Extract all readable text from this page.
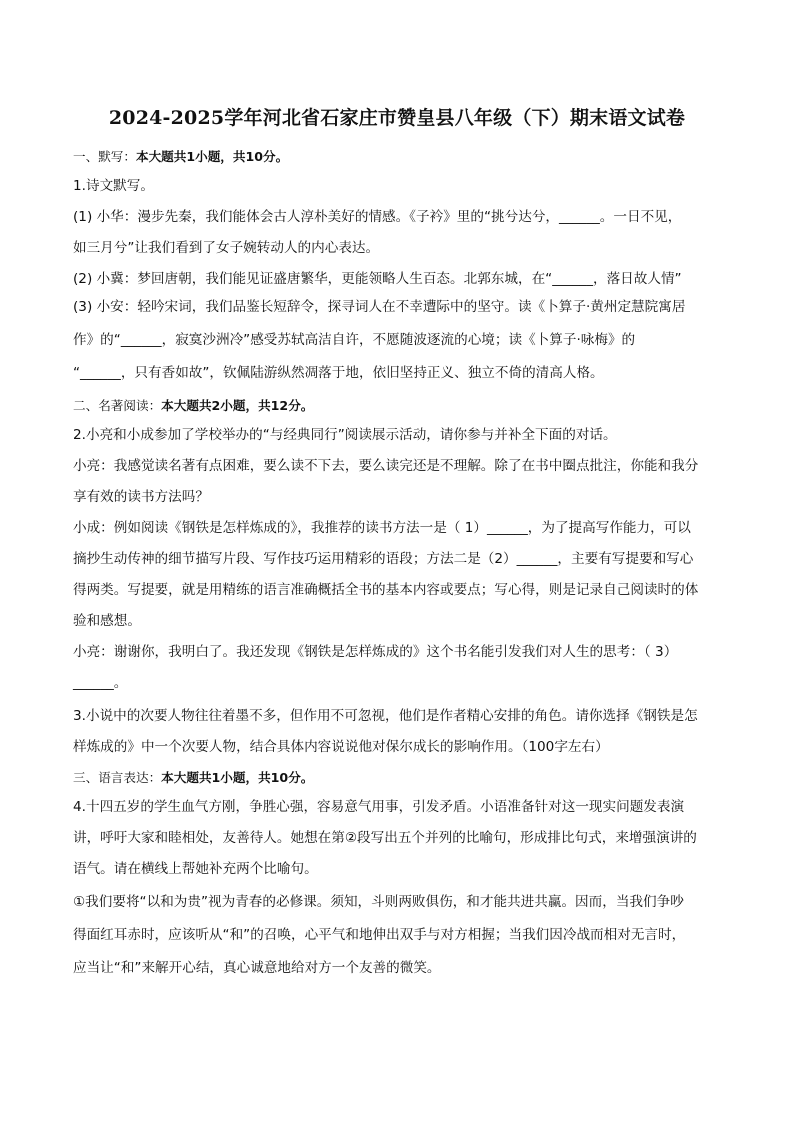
2024-2025学年河北省石家庄市赞皇县八年级（下）期末语文试卷
一、默写：本大题共1小题，共10分。
1.诗文默写。
(1) 小华：漫步先秦，我们能体会古人淳朴美好的情感。《子衿》里的“挑兮达兮，______。一日不见，
如三月兮”让我们看到了女子婉转动人的内心表达。
(2) 小冀：梦回唐朝，我们能见证盛唐繁华，更能领略人生百态。北郭东城，在“______，落日故人情”
(3) 小安：轻吟宋词，我们品鉴长短辞令，探寻词人在不幸遭际中的坚守。读《卜算子·黄州定慧院寓居
作》的“______，寂寞沙洲冷”感受苏轼高洁自许，不愿随波逐流的心境；读《卜算子·咏梅》的
“______，只有香如故”，钦佩陆游纵然凋落于地，依旧坚持正义、独立不倚的清高人格。
二、名著阅读：本大题共2小题，共12分。
2.小亮和小成参加了学校举办的“与经典同行”阅读展示活动，请你参与并补全下面的对话。
小亮：我感觉读名著有点困难，要么读不下去，要么读完还是不理解。除了在书中圈点批注，你能和我分
享有效的读书方法吗？
小成：例如阅读《钢铁是怎样炼成的》，我推荐的读书方法一是（ 1）______，为了提高写作能力，可以
摘抄生动传神的细节描写片段、写作技巧运用精彩的语段；方法二是（2）______，主要有写提要和写心
得两类。写提要，就是用精练的语言准确概括全书的基本内容或要点；写心得，则是记录自己阅读时的体
验和感想。
小亮：谢谢你，我明白了。我还发现《钢铁是怎样炼成的》这个书名能引发我们对人生的思考：（ 3）
______。
3.小说中的次要人物往往着墨不多，但作用不可忽视，他们是作者精心安排的角色。请你选择《钢铁是怎
样炼成的》中一个次要人物，结合具体内容说说他对保尔成长的影响作用。（100字左右）
三、语言表达：本大题共1小题，共10分。
4.十四五岁的学生血气方刚，争胜心强，容易意气用事，引发矛盾。小语准备针对这一现实问题发表演
讲，呼吁大家和睦相处，友善待人。她想在第②段写出五个并列的比喻句，形成排比句式，来增强演讲的
语气。请在横线上帮她补充两个比喻句。
①我们要将“以和为贵”视为青春的必修课。须知，斗则两败俱伤，和才能共进共赢。因而，当我们争吵
得面红耳赤时，应该听从“和”的召唤，心平气和地伸出双手与对方相握；当我们因冷战而相对无言时，
应当让“和”来解开心结，真心诚意地给对方一个友善的微笑。
